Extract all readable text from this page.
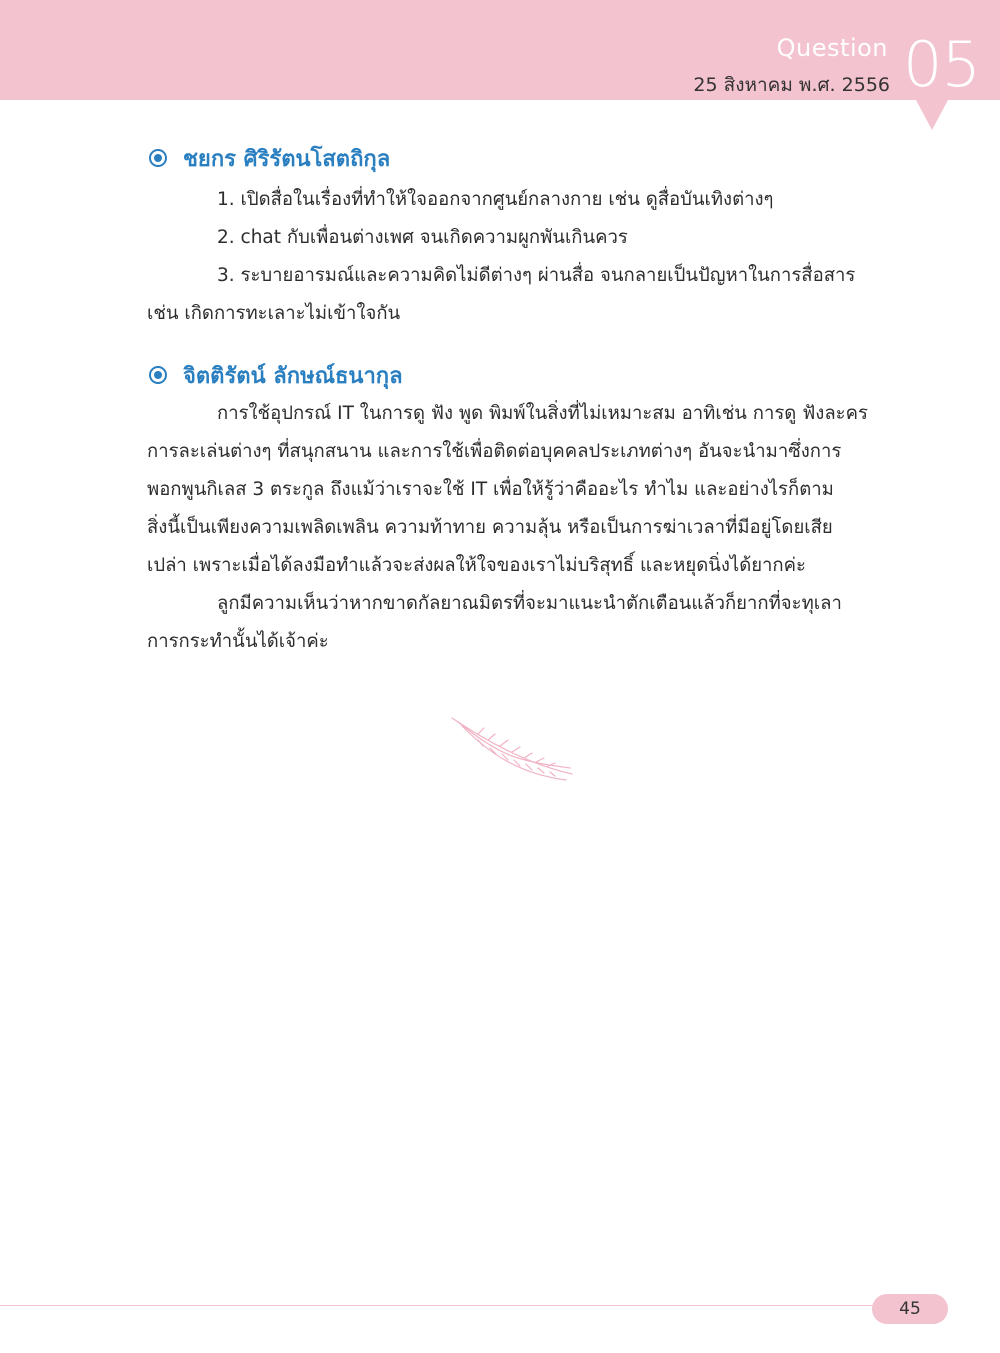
Question
25 สิงหาคม พ.ศ. 2556 05
ชยกร ศิริรัตนโสตถิกุล

1. เปิดสื่อในเรื่องที่ทำให้ใจออกจากศูนย์กลางกาย เช่น ดูสื่อบันเทิงต่างๆ

2. chat กับเพื่อนต่างเพศ จนเกิดความผูกพันเกินควร

3. ระบายอารมณ์และความคิดไม่ดีต่างๆ ผ่านสื่อ จนกลายเป็นปัญหาในการสื่อสาร

เช่น เกิดการทะเลาะไม่เข้าใจกัน

จิตติรัตน์ ลักษณ์ธนากุล

การใช้อุปกรณ์ IT ในการดู ฟัง พูด พิมพ์ในสิ่งที่ไม่เหมาะสม อาทิเช่น การดู ฟังละคร

การละเล่นต่างๆ ที่สนุกสนาน และการใช้เพื่อติดต่อบุคคลประเภทต่างๆ อันจะนำมาซึ่งการ

พอกพูนกิเลส 3 ตระกูล ถึงแม้ว่าเราจะใช้ IT เพื่อให้รู้ว่าคืออะไร ทำไม และอย่างไรก็ตาม

สิ่งนี้เป็นเพียงความเพลิดเพลิน ความท้าทาย ความลุ้น หรือเป็นการฆ่าเวลาที่มีอยู่โดยเสีย

เปล่า เพราะเมื่อได้ลงมือทำแล้วจะส่งผลให้ใจของเราไม่บริสุทธิ์ และหยุดนิ่งได้ยากค่ะ

ลูกมีความเห็นว่าหากขาดกัลยาณมิตรที่จะมาแนะนำตักเตือนแล้วก็ยากที่จะทุเลา

การกระทำนั้นได้เจ้าค่ะ

45
